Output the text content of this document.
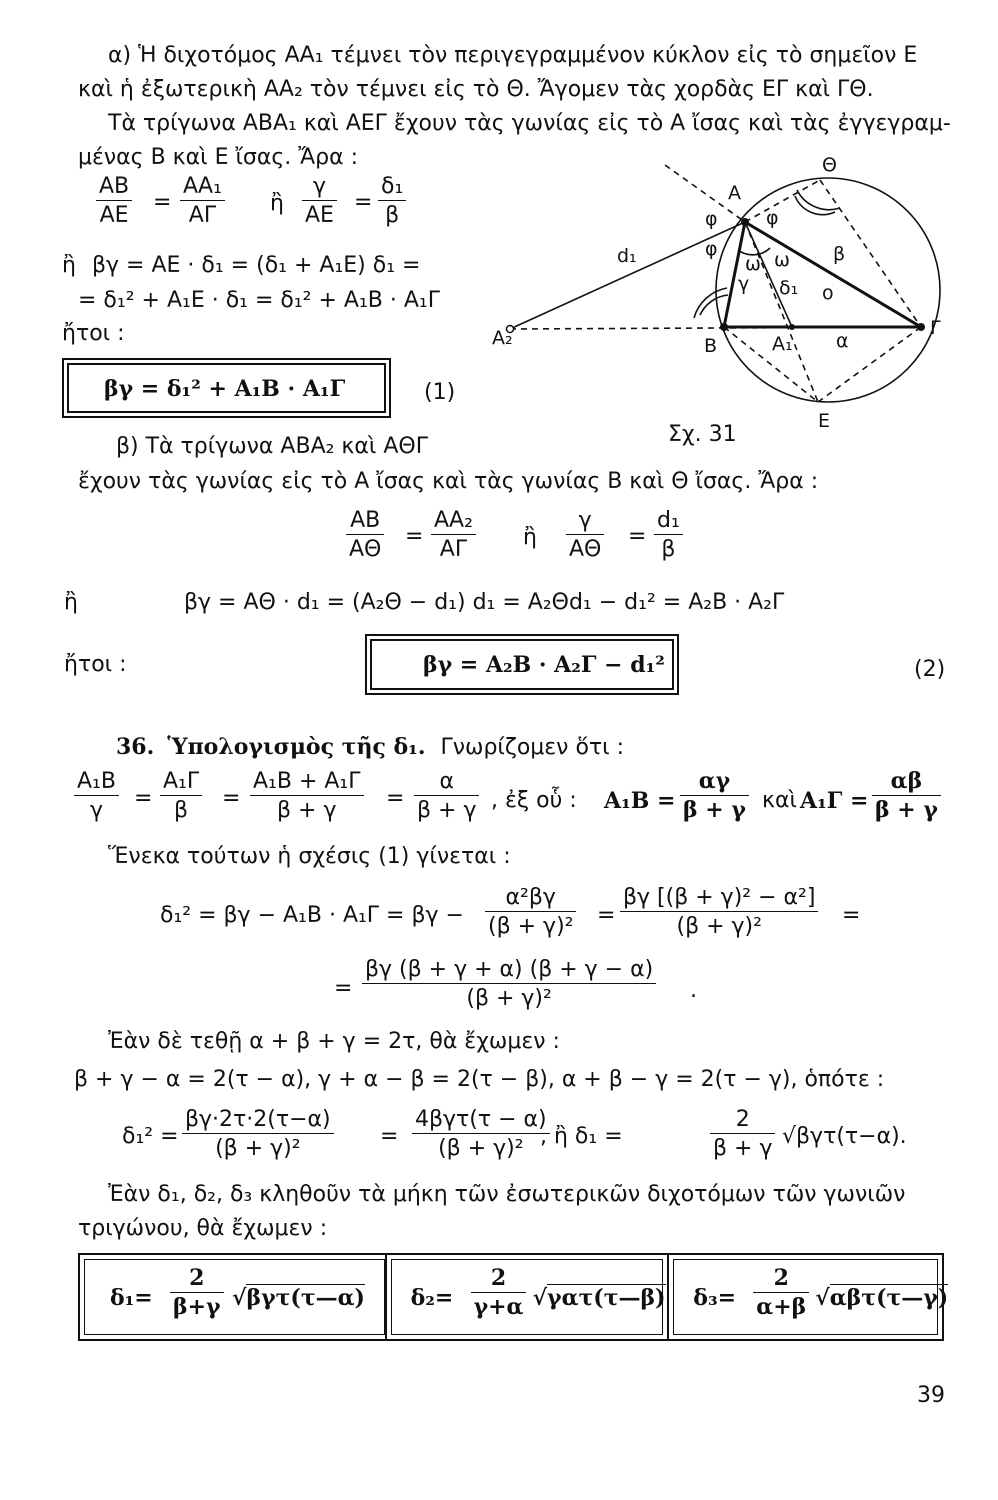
α) Ἡ διχοτόμος ΑΑ₁ τέμνει τὸν περιγεγραμμένον κύκλον εἰς τὸ σημεῖον Ε
καὶ ἡ ἐξωτερικὴ ΑΑ₂ τὸν τέμνει εἰς τὸ Θ. Ἄγομεν τὰς χορδὰς ΕΓ καὶ ΓΘ.
Τὰ τρίγωνα ΑΒΑ₁ καὶ ΑΕΓ ἔχουν τὰς γωνίας εἰς τὸ Α ἴσας καὶ τὰς ἐγγεγραμ-
μένας Β καὶ Ε ἴσας. Ἄρα :
$\frac{AB}{AE} = \frac{\text{ΑΑ₁}}{A\Gamma}$ ἢ $\frac{\gamma}{AE} = \frac{\text{δ₁}}{\beta}$
ἢ βγ = ΑΕ · δ₁ = (δ₁ + Α₁Ε) δ₁ =
= δ₁² + Α₁Ε · δ₁ = δ₁² + Α₁Β · Α₁Γ
ἤτοι :
βγ = δ₁² + Α₁Β · Α₁Γ	(1)
Θ
Α
Β
Γ
Α₁
Α₂
Ε
φ
φ
φ
ω ω
γ
β
α
δ₁
d₁
ο
Σχ. 31
β) Τὰ τρίγωνα ΑΒΑ₂ καὶ ΑΘΓ
ἔχουν τὰς γωνίας εἰς τὸ Α ἴσας καὶ τὰς γωνίας Β καὶ Θ ἴσας. Ἄρα :
$\frac{AB}{A\Theta} = \frac{\text{ΑΑ₂}}{A\Gamma}$ ἢ $\frac{\gamma}{A\Theta} = \frac{\text{d₁}}{\beta}$
ἢ	βγ = ΑΘ · d₁ = (Α₂Θ − d₁) d₁ = Α₂Θd₁ − d₁² = Α₂Β · Α₂Γ
ἤτοι :	βγ = Α₂Β · Α₂Γ − d₁²	(2)
36. Ὑπολογισμὸς τῆς δ₁. Γνωρίζομεν ὅτι :
$\frac{\text{Α₁Β}}{\gamma} = \frac{\text{Α₁Γ}}{\beta} = \frac{\text{Α₁Β + Α₁Γ}}{\beta + \gamma} = \frac{\alpha}{\beta + \gamma}$ , ἐξ οὗ : $A_1B = \frac{\alpha\gamma}{\beta + \gamma}$ καὶ $A_1\Gamma = \frac{\alpha\beta}{\beta + \gamma}$
Ἕνεκα τούτων ἡ σχέσις (1) γίνεται :
$\delta_1^2 = \beta\gamma - A_1B \cdot A_1\Gamma = \beta\gamma - \frac{\text{α²βγ}}{\text{(β + γ)²}} = \frac{\text{βγ [(β + γ)² − α²]}}{\text{(β + γ)²}}$ =
= $\frac{\beta\gamma (\beta + \gamma + \alpha) (\beta + \gamma - \alpha)}{\text{(β + γ)²}}$ .
Ἐὰν δὲ τεθῇ α + β + γ = 2τ, θὰ ἔχωμεν :
β + γ − α = 2(τ − α), γ + α − β = 2(τ − β), α + β − γ = 2(τ − γ), ὁπότε :
$\delta_1^2 = \frac{\beta\gamma\cdot 2\tau\cdot 2(\tau-\alpha)}{\text{(β + γ)²}}$ =
4βγτ(τ − α)
(β + γ)² , ἢ δ₁ =	$\frac{2}{\beta + \gamma} √\beta\gamma\tau(\tau-\alpha)$.
Ἐὰν δ₁, δ₂, δ₃ κληθοῦν τὰ μήκη τῶν ἐσωτερικῶν διχοτόμων τῶν γωνιῶν
τριγώνου, θὰ ἔχωμεν :
$\delta_1= \frac{2}{\beta+\gamma}$ √βγτ(τ—α) $\delta_2= \frac{2}{\gamma+\alpha}$ √γατ(τ—β) $\delta_3= \frac{2}{\alpha+\beta}$ √αβτ(τ—γ)
39
